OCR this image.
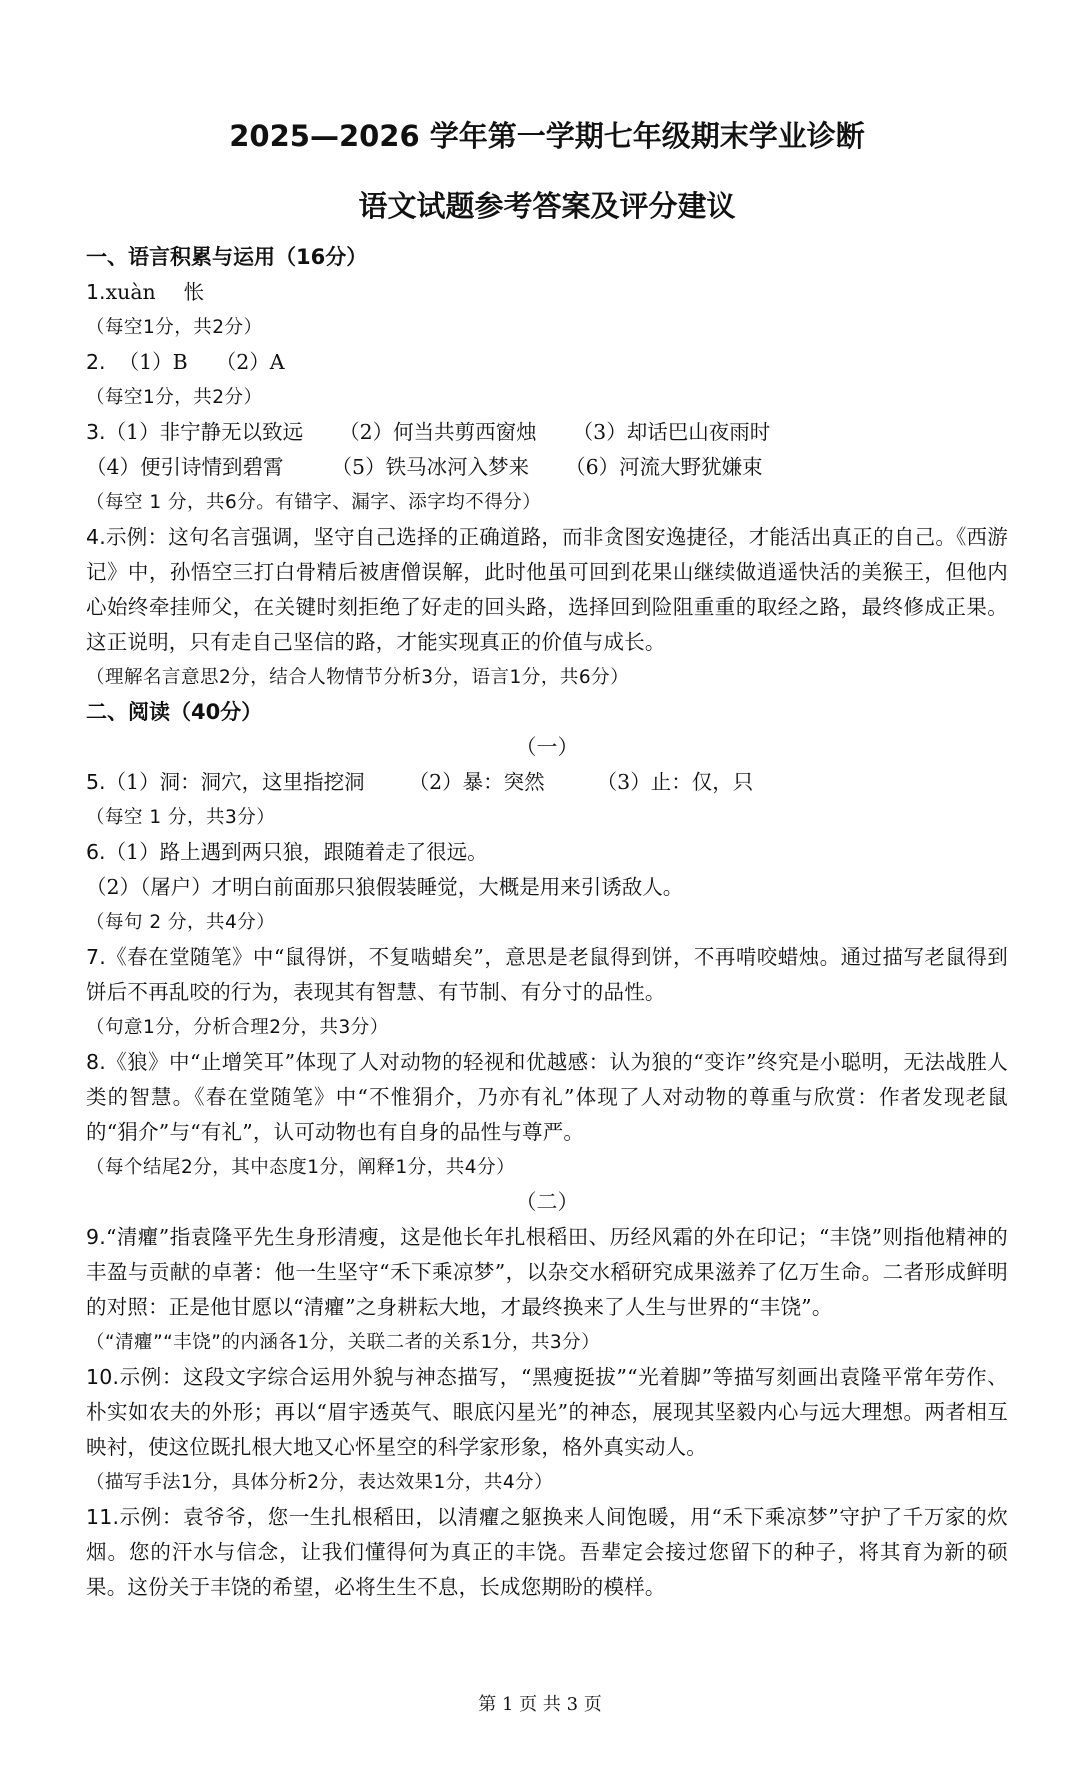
2025—2026 学年第一学期七年级期末学业诊断
语文试题参考答案及评分建议
一、语言积累与运用（16分）
1.xuàn 怅
（每空1分，共2分）
2. （1）B （2）A
（每空1分，共2分）
3.（1）非宁静无以致远 （2）何当共剪西窗烛 （3）却话巴山夜雨时
（4）便引诗情到碧霄 （5）铁马冰河入梦来 （6）河流大野犹嫌束
（每空 1 分，共6分。有错字、漏字、添字均不得分）
4.示例：这句名言强调，坚守自己选择的正确道路，而非贪图安逸捷径，才能活出真正的自己。《西游记》中，孙悟空三打白骨精后被唐僧误解，此时他虽可回到花果山继续做逍遥快活的美猴王，但他内心始终牵挂师父，在关键时刻拒绝了好走的回头路，选择回到险阻重重的取经之路，最终修成正果。这正说明，只有走自己坚信的路，才能实现真正的价值与成长。
（理解名言意思2分，结合人物情节分析3分，语言1分，共6分）
二、阅读（40分）
（一）
5.（1）洞：洞穴，这里指挖洞 （2）暴：突然	（3）止：仅，只
（每空 1 分，共3分）
6.（1）路上遇到两只狼，跟随着走了很远。
（2）（屠户）才明白前面那只狼假装睡觉，大概是用来引诱敌人。
（每句 2 分，共4分）
7.《春在堂随笔》中“鼠得饼，不复啮蜡矣”，意思是老鼠得到饼，不再啃咬蜡烛。通过描写老鼠得到饼后不再乱咬的行为，表现其有智慧、有节制、有分寸的品性。
（句意1分，分析合理2分，共3分）
8.《狼》中“止增笑耳”体现了人对动物的轻视和优越感：认为狼的“变诈”终究是小聪明，无法战胜人类的智慧。《春在堂随笔》中“不惟狷介，乃亦有礼”体现了人对动物的尊重与欣赏：作者发现老鼠的“狷介”与“有礼”，认可动物也有自身的品性与尊严。
（每个结尾2分，其中态度1分，阐释1分，共4分）
（二）
9.“清癯”指袁隆平先生身形清瘦，这是他长年扎根稻田、历经风霜的外在印记；“丰饶”则指他精神的丰盈与贡献的卓著：他一生坚守“禾下乘凉梦”，以杂交水稻研究成果滋养了亿万生命。二者形成鲜明的对照：正是他甘愿以“清癯”之身耕耘大地，才最终换来了人生与世界的“丰饶”。
（“清癯”“丰饶”的内涵各1分，关联二者的关系1分，共3分）
10.示例：这段文字综合运用外貌与神态描写，“黑瘦挺拔”“光着脚”等描写刻画出袁隆平常年劳作、朴实如农夫的外形；再以“眉宇透英气、眼底闪星光”的神态，展现其坚毅内心与远大理想。两者相互映衬，使这位既扎根大地又心怀星空的科学家形象，格外真实动人。
（描写手法1分，具体分析2分，表达效果1分，共4分）
11.示例：袁爷爷，您一生扎根稻田，以清癯之躯换来人间饱暖，用“禾下乘凉梦”守护了千万家的炊烟。您的汗水与信念，让我们懂得何为真正的丰饶。吾辈定会接过您留下的种子，将其育为新的硕果。这份关于丰饶的希望，必将生生不息，长成您期盼的模样。
第 1 页 共 3 页
